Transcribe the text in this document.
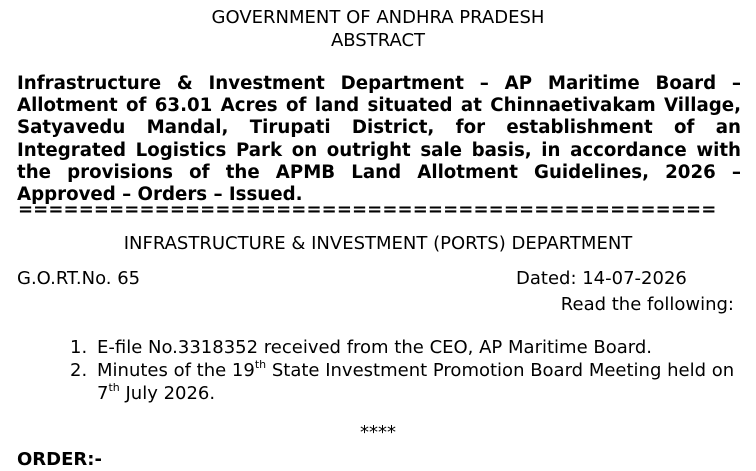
GOVERNMENT OF ANDHRA PRADESH
ABSTRACT
Infrastructure & Investment Department – AP Maritime Board – Allotment of 63.01 Acres of land situated at Chinnaetivakam Village, Satyavedu Mandal, Tirupati District, for establishment of an Integrated Logistics Park on outright sale basis, in accordance with the provisions of the APMB Land Allotment Guidelines, 2026 – Approved – Orders – Issued.
==============================================
INFRASTRUCTURE & INVESTMENT (PORTS) DEPARTMENT
G.O.RT.No. 65	Dated: 14-07-2026
Read the following:
1. E-file No.3318352 received from the CEO, AP Maritime Board.
2. Minutes of the 19th State Investment Promotion Board Meeting held on 7th July 2026.
****
ORDER:-
